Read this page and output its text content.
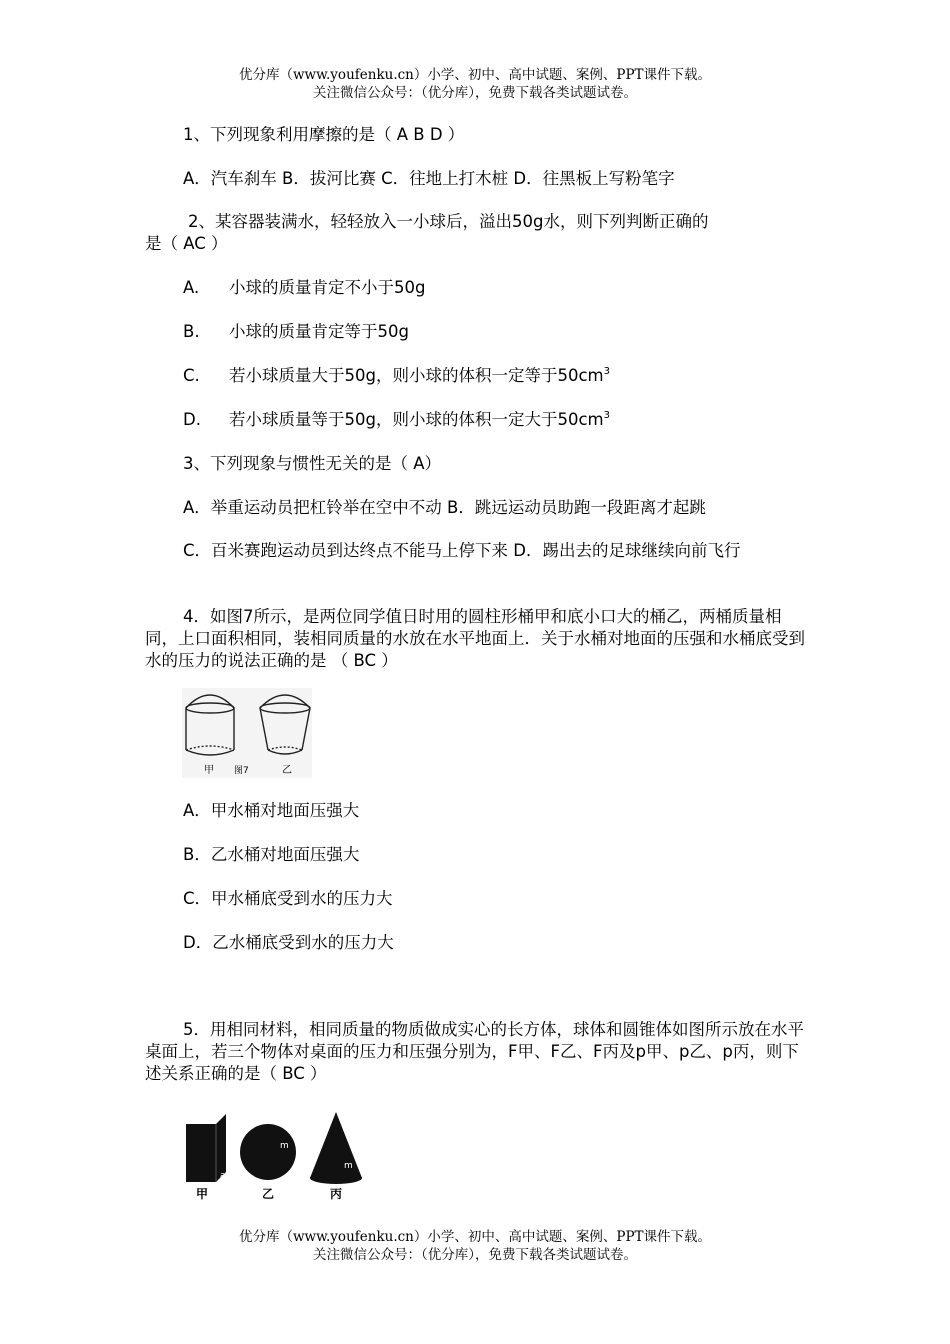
优分库（www.youfenku.cn）小学、初中、高中试题、案例、PPT课件下载。
关注微信公众号：（优分库），免费下载各类试题试卷。
1、下列现象利用摩擦的是（ A B D ）
A．汽车刹车 B．拔河比赛 C．往地上打木桩 D．往黑板上写粉笔字
2、某容器装满水，轻轻放入一小球后，溢出50g水，则下列判断正确的
是（ AC ）
A. 小球的质量肯定不小于50g
B. 小球的质量肯定等于50g
C. 若小球质量大于50g，则小球的体积一定等于$50cm^3$
D. 若小球质量等于50g，则小球的体积一定大于$50cm^3$
3、下列现象与惯性无关的是（ A）
A．举重运动员把杠铃举在空中不动 B．跳远运动员助跑一段距离才起跳
C．百米赛跑运动员到达终点不能马上停下来 D．踢出去的足球继续向前飞行
4．如图7所示，是两位同学值日时用的圆柱形桶甲和底小口大的桶乙，两桶质量相同，上口面积相同，装相同质量的水放在水平地面上．关于水桶对地面的压强和水桶底受到水的压力的说法正确的是 （ BC ）
甲 图7	乙
A．甲水桶对地面压强大
B．乙水桶对地面压强大
C．甲水桶底受到水的压力大
D．乙水桶底受到水的压力大
5．用相同材料，相同质量的物质做成实心的长方体，球体和圆锥体如图所示放在水平桌面上，若三个物体对桌面的压力和压强分别为，F甲、F乙、F丙及p甲、p乙、p丙，则下述关系正确的是（ BC ）
a
m
m
甲	乙	丙
优分库（www.youfenku.cn）小学、初中、高中试题、案例、PPT课件下载。
关注微信公众号：（优分库），免费下载各类试题试卷。
